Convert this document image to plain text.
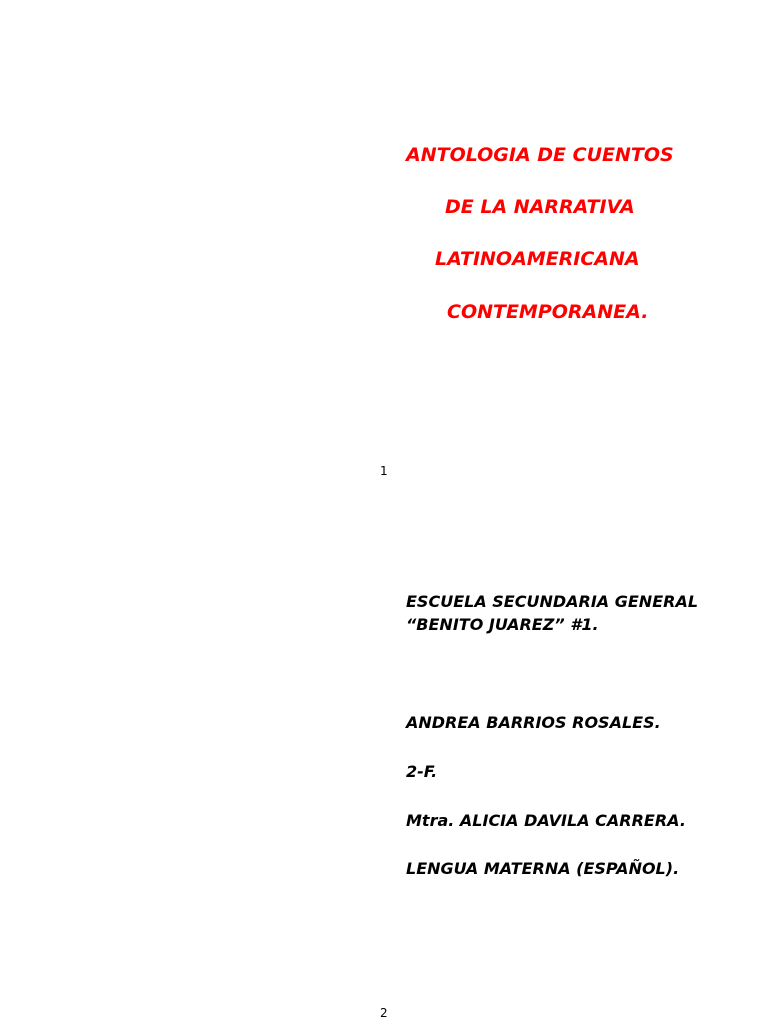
ANTOLOGIA DE CUENTOS
DE LA NARRATIVA
LATINOAMERICANA
CONTEMPORANEA.
1
ESCUELA SECUNDARIA GENERAL
“BENITO JUAREZ” #1.
ANDREA BARRIOS ROSALES.
2-F.
Mtra. ALICIA DAVILA CARRERA.
LENGUA MATERNA (ESPAÑOL).
2
